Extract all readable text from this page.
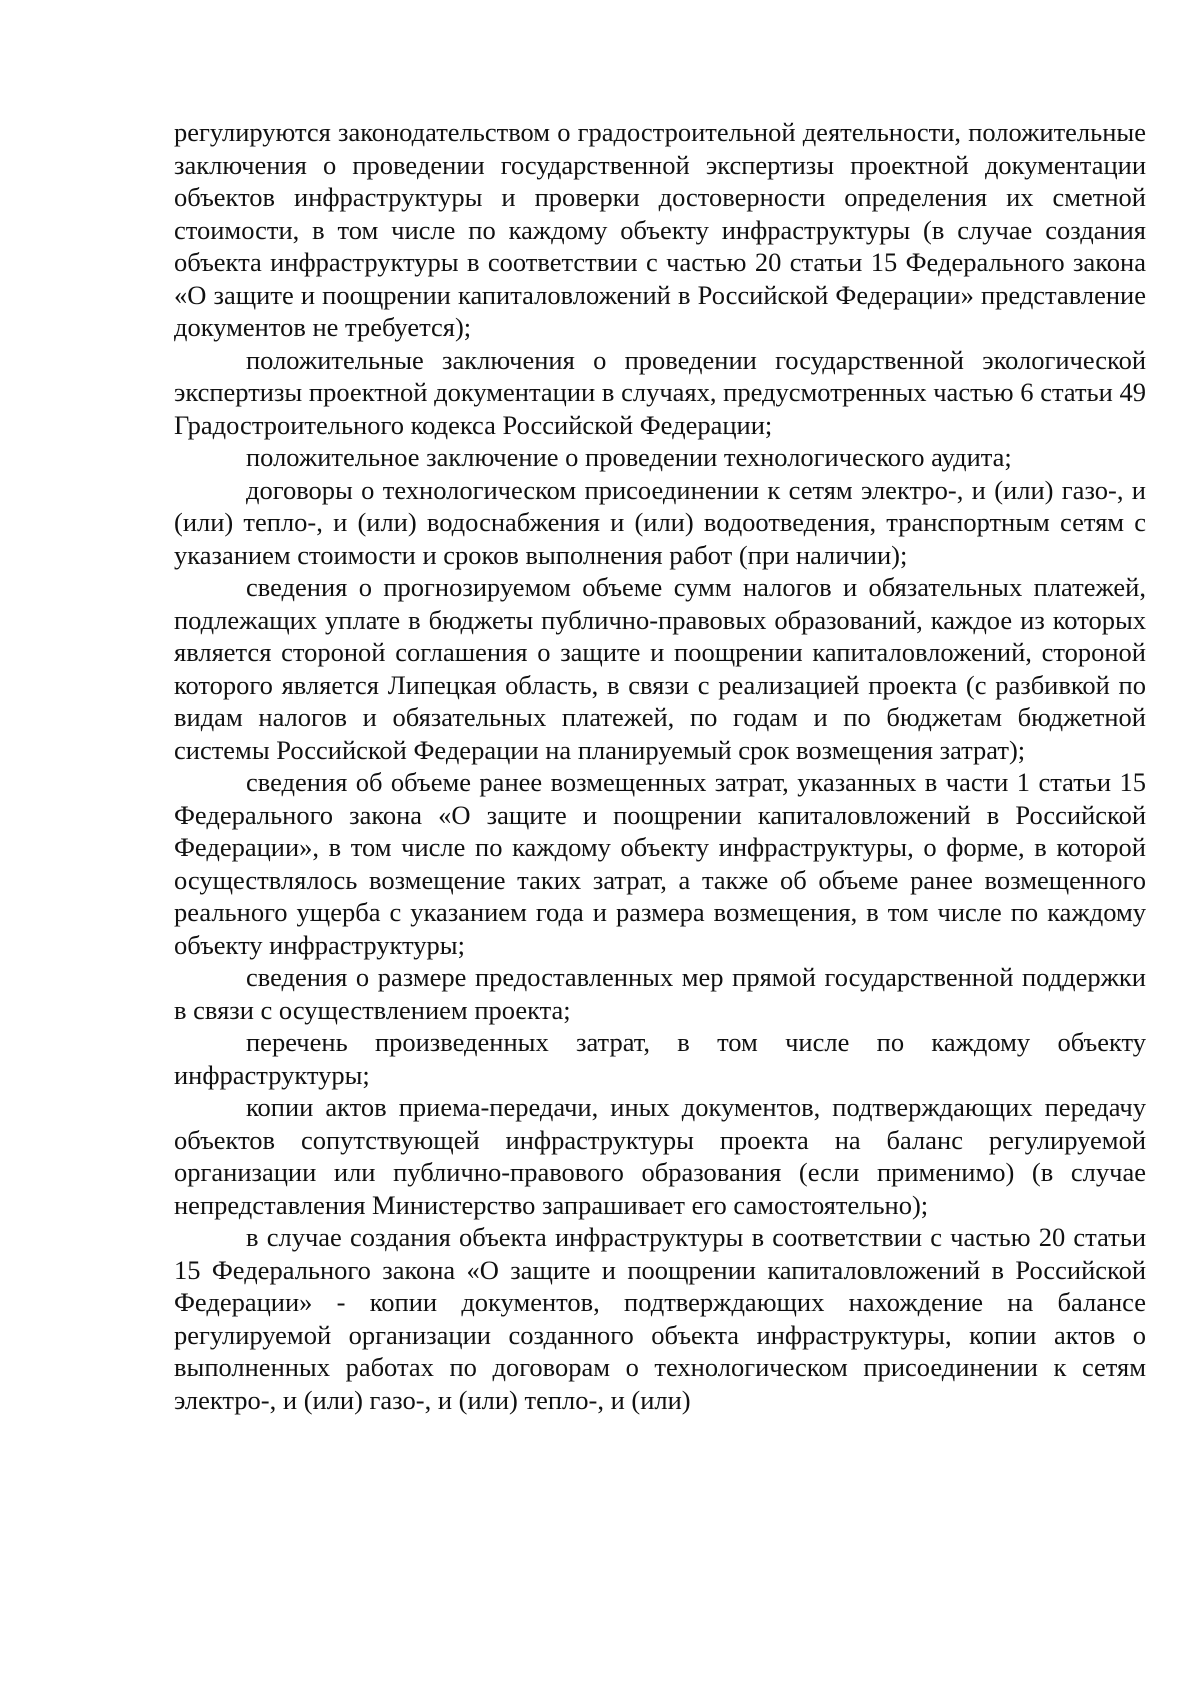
регулируются законодательством о градостроительной деятельности, положительные заключения о проведении государственной экспертизы проектной документации объектов инфраструктуры и проверки достоверности определения их сметной стоимости, в том числе по каждому объекту инфраструктуры (в случае создания объекта инфраструктуры в соответствии с частью 20 статьи 15 Федерального закона «О защите и поощрении капиталовложений в Российской Федерации» представление документов не требуется);

положительные заключения о проведении государственной экологической экспертизы проектной документации в случаях, предусмотренных частью 6 статьи 49 Градостроительного кодекса Российской Федерации;

положительное заключение о проведении технологического аудита;

договоры о технологическом присоединении к сетям электро-, и (или) газо-, и (или) тепло-, и (или) водоснабжения и (или) водоотведения, транспортным сетям с указанием стоимости и сроков выполнения работ (при наличии);

сведения о прогнозируемом объеме сумм налогов и обязательных платежей, подлежащих уплате в бюджеты публично-правовых образований, каждое из которых является стороной соглашения о защите и поощрении капиталовложений, стороной которого является Липецкая область, в связи с реализацией проекта (с разбивкой по видам налогов и обязательных платежей, по годам и по бюджетам бюджетной системы Российской Федерации на планируемый срок возмещения затрат);

сведения об объеме ранее возмещенных затрат, указанных в части 1 статьи 15 Федерального закона «О защите и поощрении капиталовложений в Российской Федерации», в том числе по каждому объекту инфраструктуры, о форме, в которой осуществлялось возмещение таких затрат, а также об объеме ранее возмещенного реального ущерба с указанием года и размера возмещения, в том числе по каждому объекту инфраструктуры;

сведения о размере предоставленных мер прямой государственной поддержки в связи с осуществлением проекта;

перечень произведенных затрат, в том числе по каждому объекту инфраструктуры;

копии актов приема-передачи, иных документов, подтверждающих передачу объектов сопутствующей инфраструктуры проекта на баланс регулируемой организации или публично-правового образования (если применимо) (в случае непредставления Министерство запрашивает его самостоятельно);

в случае создания объекта инфраструктуры в соответствии с частью 20 статьи 15 Федерального закона «О защите и поощрении капиталовложений в Российской Федерации» - копии документов, подтверждающих нахождение на балансе регулируемой организации созданного объекта инфраструктуры, копии актов о выполненных работах по договорам о технологическом присоединении к сетям электро-, и (или) газо-, и (или) тепло-, и (или)
